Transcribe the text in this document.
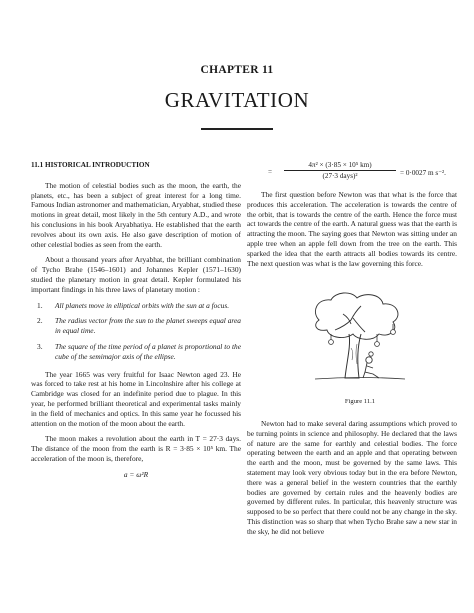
CHAPTER 11
GRAVITATION
11.1 HISTORICAL INTRODUCTION

The motion of celestial bodies such as the moon, the earth, the planets, etc., has been a subject of great interest for a long time. Famous Indian astronomer and mathematician, Aryabhat, studied these motions in great detail, most likely in the 5th century A.D., and wrote his conclusions in his book Aryabhatiya. He established that the earth revolves about its own axis. He also gave description of motion of other celestial bodies as seen from the earth.

About a thousand years after Aryabhat, the brilliant combination of Tycho Brahe (1546–1601) and Johannes Kepler (1571–1630) studied the planetary motion in great detail. Kepler formulated his important findings in his three laws of planetary motion :

1. All planets move in elliptical orbits with the sun at a focus.
2. The radius vector from the sun to the planet sweeps equal area in equal time.
3. The square of the time period of a planet is proportional to the cube of the semimajor axis of the ellipse.

The year 1665 was very fruitful for Isaac Newton aged 23. He was forced to take rest at his home in Lincolnshire after his college at Cambridge was closed for an indefinite period due to plague. In this year, he performed brilliant theoretical and experimental tasks mainly in the field of mechanics and optics. In this same year he focussed his attention on the motion of the moon about the earth.

The moon makes a revolution about the earth in T = 27·3 days. The distance of the moon from the earth is R = 3·85 × 10⁵ km. The acceleration of the moon is, therefore,

a = ω²R
=
4π² × (3·85 × 10⁵ km)
(27·3 days)²	= 0·0027 m s⁻².

The first question before Newton was that what is the force that produces this acceleration. The acceleration is towards the centre of the orbit, that is towards the centre of the earth. Hence the force must act towards the centre of the earth. A natural guess was that the earth is attracting the moon. The saying goes that Newton was sitting under an apple tree when an apple fell down from the tree on the earth. This sparked the idea that the earth attracts all bodies towards its centre. The next question was what is the law governing this force.

Figure 11.1

Newton had to make several daring assumptions which proved to be turning points in science and philosophy. He declared that the laws of nature are the same for earthly and celestial bodies. The force operating between the earth and an apple and that operating between the earth and the moon, must be governed by the same laws. This statement may look very obvious today but in the era before Newton, there was a general belief in the western countries that the earthly bodies are governed by certain rules and the heavenly bodies are governed by different rules. In particular, this heavenly structure was supposed to be so perfect that there could not be any change in the sky. This distinction was so sharp that when Tycho Brahe saw a new star in the sky, he did not believe
